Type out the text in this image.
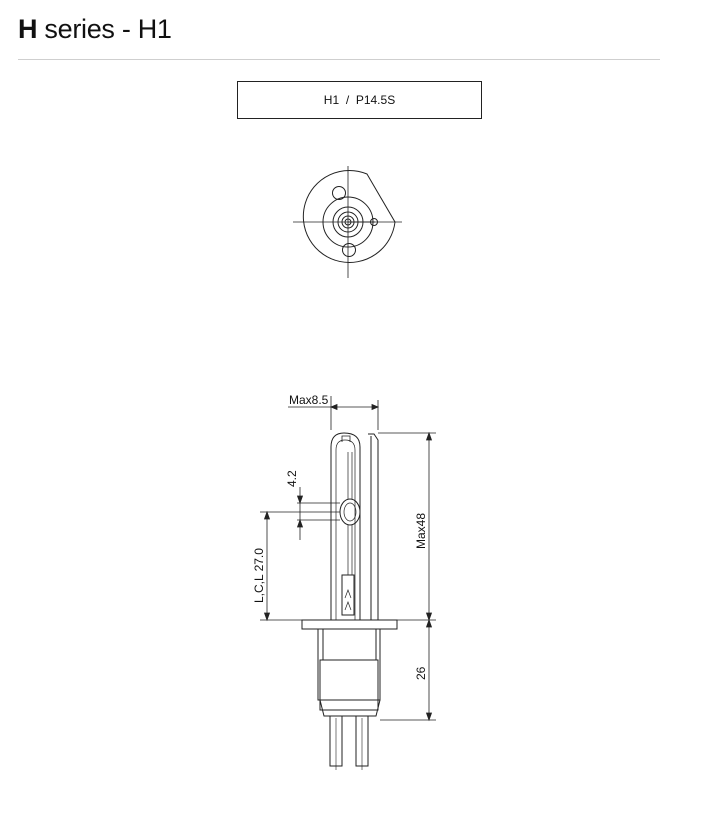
H series - H1
H1
/
P14.5S
Max8.5
4.2
L,C,L 27.0
Max48
26
